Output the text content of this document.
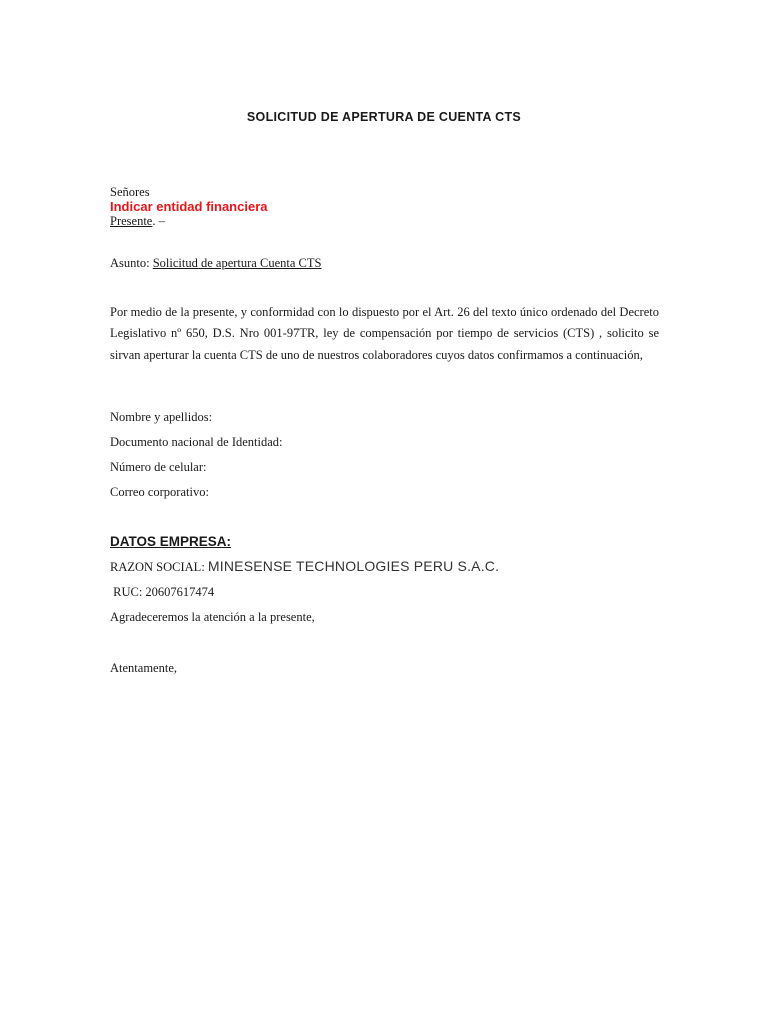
SOLICITUD DE APERTURA DE CUENTA CTS
Señores
Indicar entidad financiera
Presente. –
Asunto: Solicitud de apertura Cuenta CTS
Por medio de la presente, y conformidad con lo dispuesto por el Art. 26 del texto único ordenado del Decreto Legislativo nº 650, D.S. Nro 001-97TR, ley de compensación por tiempo de servicios (CTS) , solicito se sirvan aperturar la cuenta CTS de uno de nuestros colaboradores cuyos datos confirmamos a continuación,
Nombre y apellidos:
Documento nacional de Identidad:
Número de celular:
Correo corporativo:
DATOS EMPRESA:
RAZON SOCIAL: MINESENSE TECHNOLOGIES PERU S.A.C.
RUC: 20607617474
Agradeceremos la atención a la presente,
Atentamente,
